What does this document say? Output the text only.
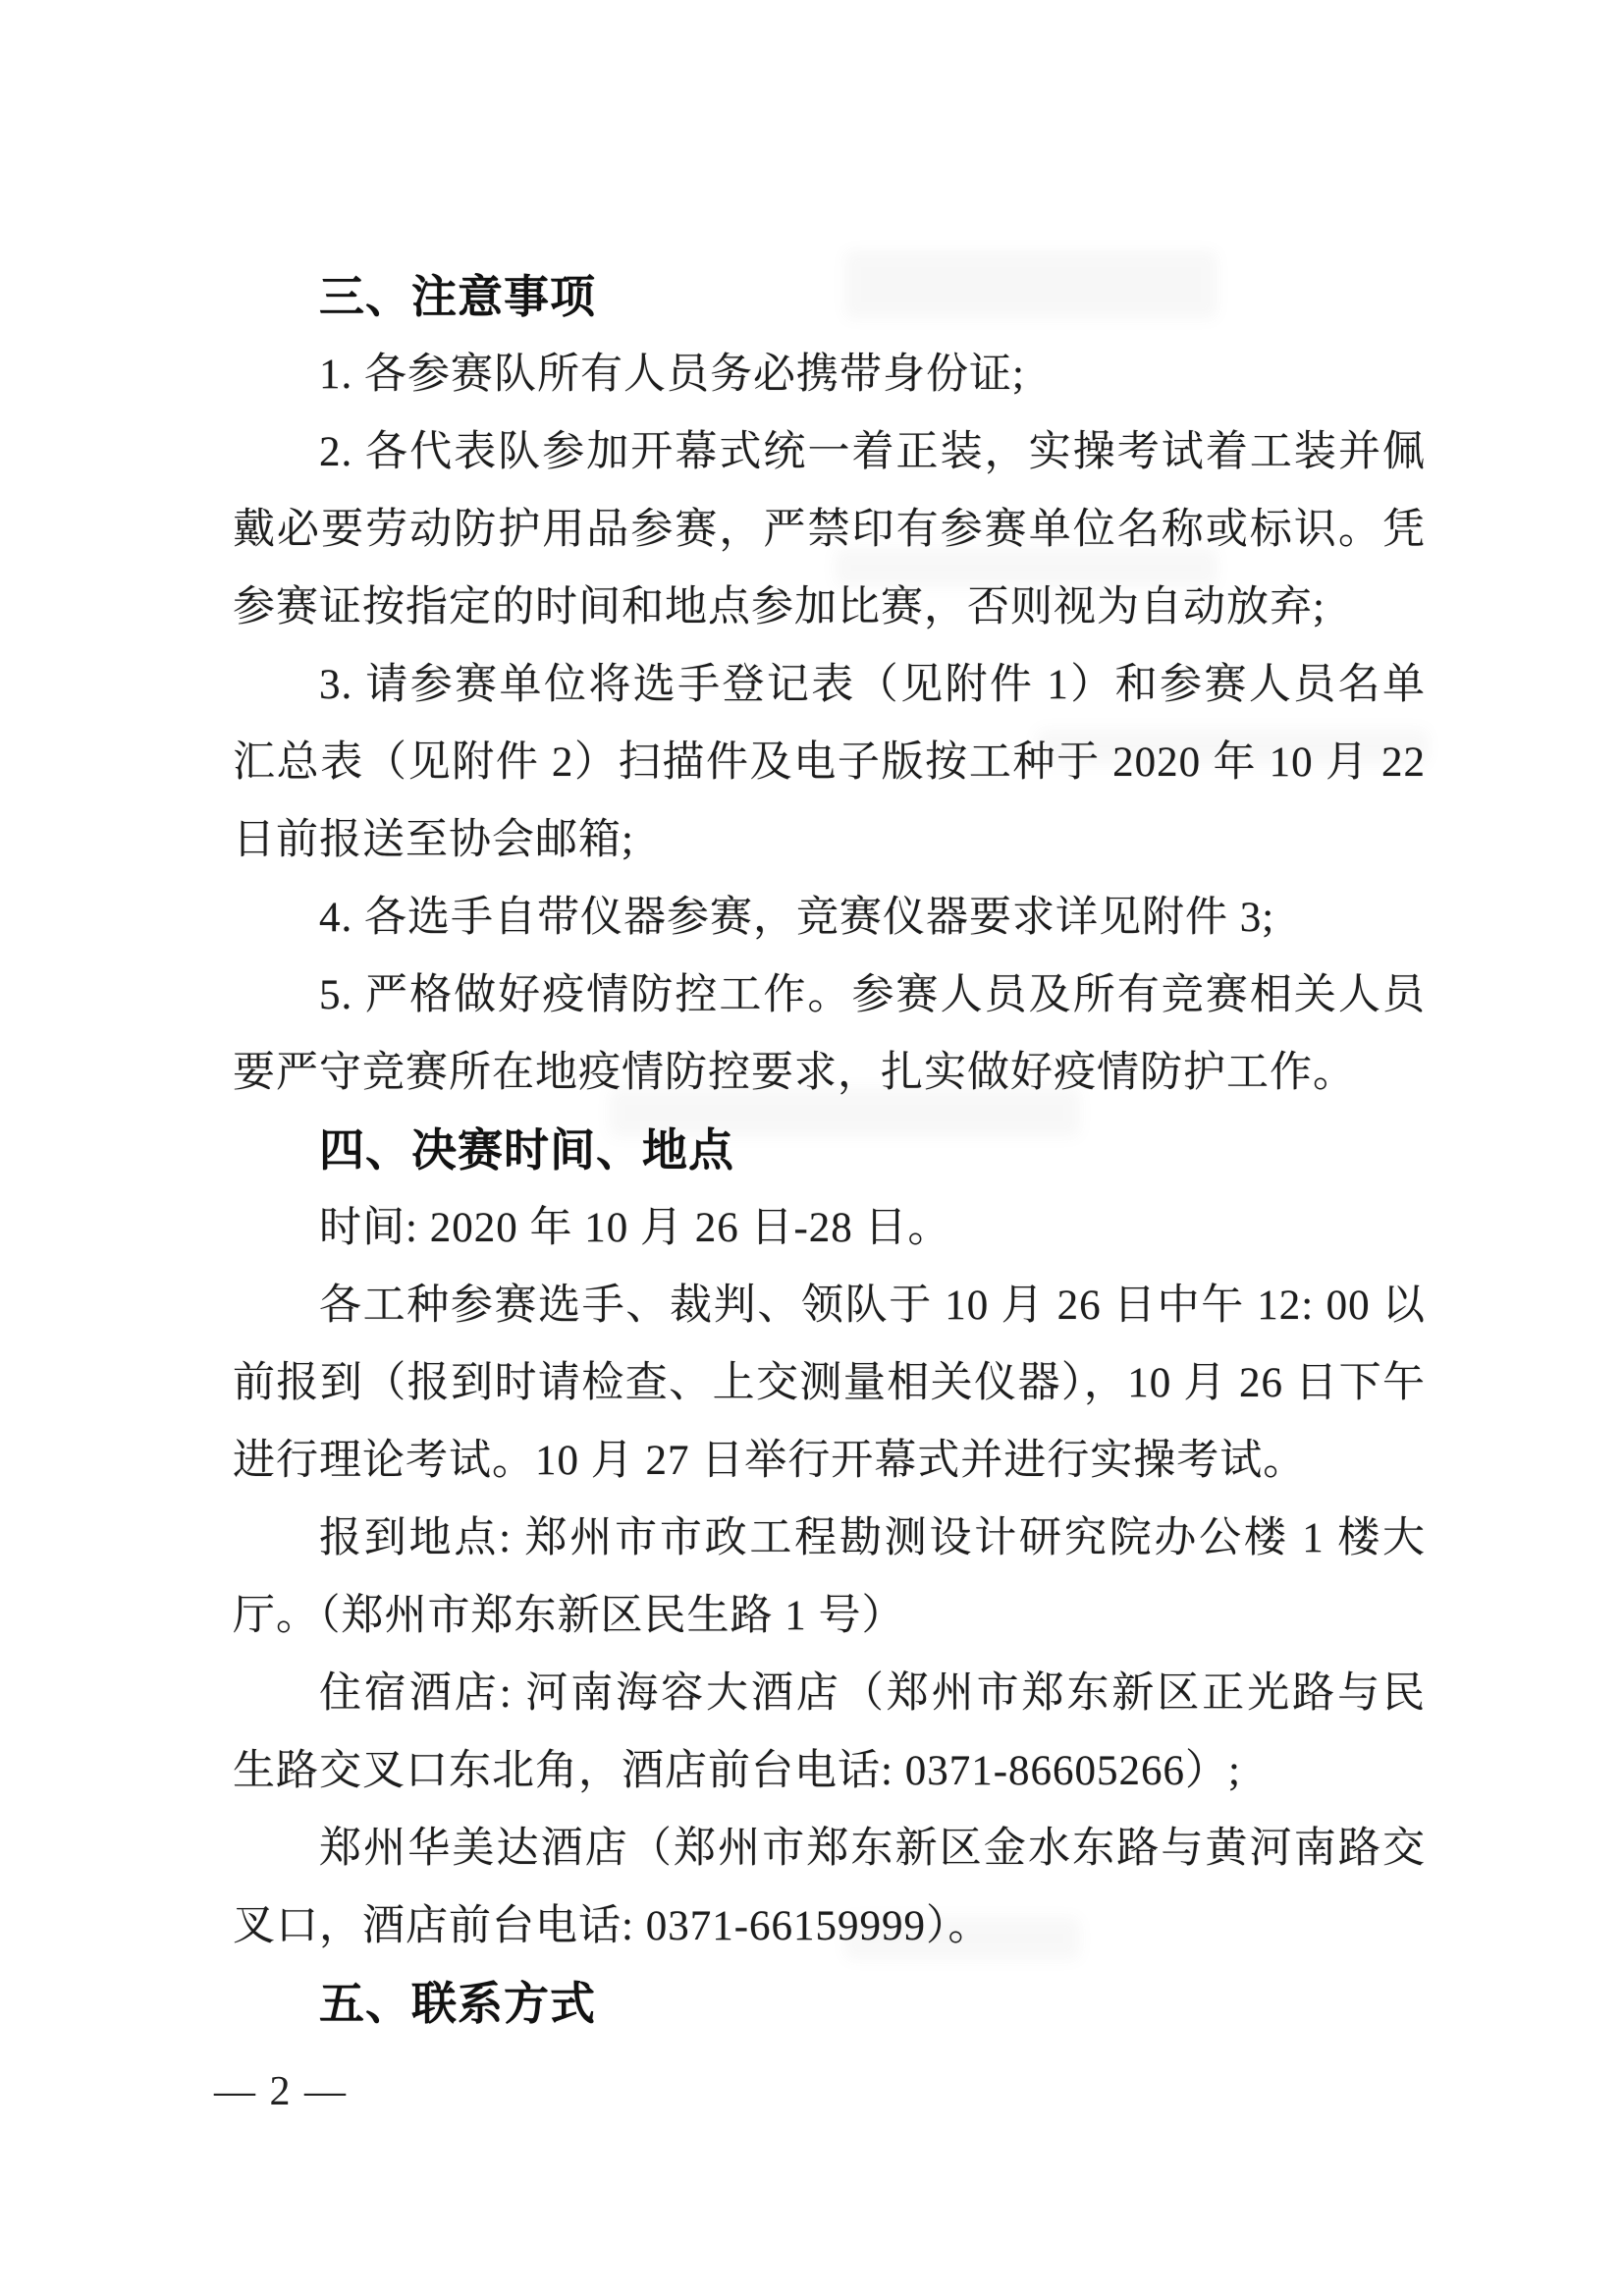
三、注意事项
1. 各参赛队所有人员务必携带身份证;
2. 各代表队参加开幕式统一着正装，实操考试着工装并佩
戴必要劳动防护用品参赛，严禁印有参赛单位名称或标识。凭
参赛证按指定的时间和地点参加比赛，否则视为自动放弃;
3. 请参赛单位将选手登记表（见附件 1）和参赛人员名单
汇总表（见附件 2）扫描件及电子版按工种于 2020 年 10 月 22
日前报送至协会邮箱;
4. 各选手自带仪器参赛，竞赛仪器要求详见附件 3;
5. 严格做好疫情防控工作。参赛人员及所有竞赛相关人员
要严守竞赛所在地疫情防控要求，扎实做好疫情防护工作。
四、决赛时间、地点
时间: 2020 年 10 月 26 日-28 日。
各工种参赛选手、裁判、领队于 10 月 26 日中午 12: 00 以
前报到（报到时请检查、上交测量相关仪器），10 月 26 日下午
进行理论考试。10 月 27 日举行开幕式并进行实操考试。
报到地点: 郑州市市政工程勘测设计研究院办公楼 1 楼大
厅。（郑州市郑东新区民生路 1 号）
住宿酒店: 河南海容大酒店（郑州市郑东新区正光路与民
生路交叉口东北角，酒店前台电话: 0371-86605266）;
郑州华美达酒店（郑州市郑东新区金水东路与黄河南路交
叉口，酒店前台电话: 0371-66159999）。
五、联系方式
— 2 —
